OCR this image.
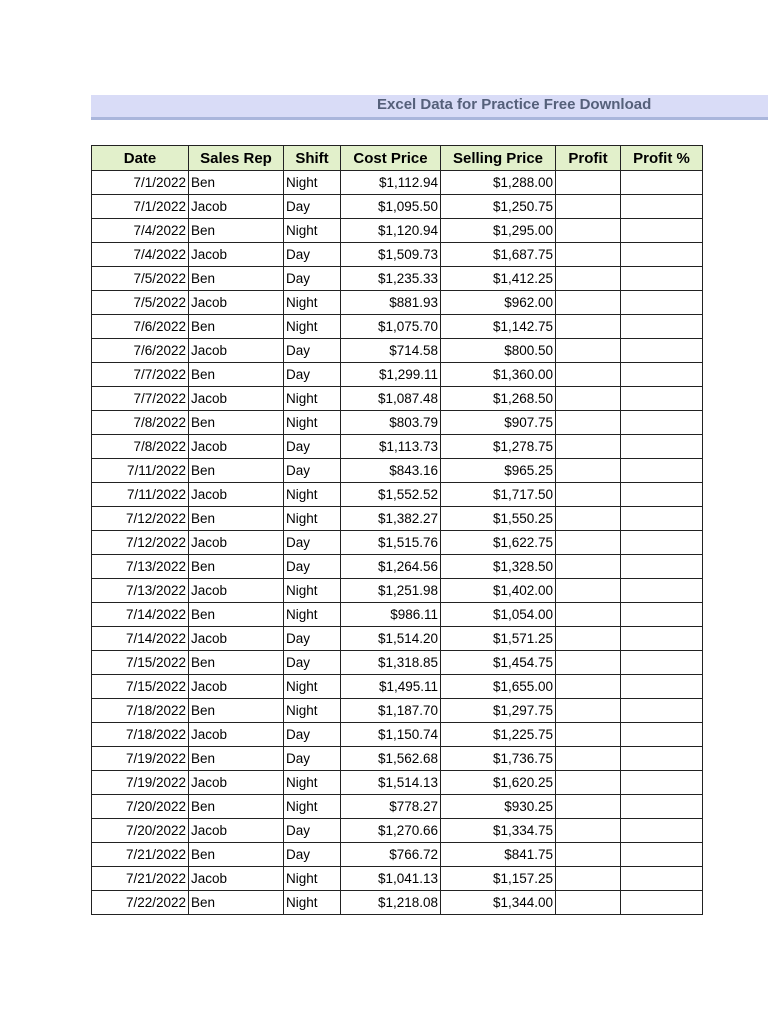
Excel Data for Practice Free Download
Date	Sales Rep	Shift	Cost Price	Selling Price	Profit	Profit %
7/1/2022	Ben	Night	$1,112.94	$1,288.00		
7/1/2022	Jacob	Day	$1,095.50	$1,250.75		
7/4/2022	Ben	Night	$1,120.94	$1,295.00		
7/4/2022	Jacob	Day	$1,509.73	$1,687.75		
7/5/2022	Ben	Day	$1,235.33	$1,412.25		
7/5/2022	Jacob	Night	$881.93	$962.00		
7/6/2022	Ben	Night	$1,075.70	$1,142.75		
7/6/2022	Jacob	Day	$714.58	$800.50		
7/7/2022	Ben	Day	$1,299.11	$1,360.00		
7/7/2022	Jacob	Night	$1,087.48	$1,268.50		
7/8/2022	Ben	Night	$803.79	$907.75		
7/8/2022	Jacob	Day	$1,113.73	$1,278.75		
7/11/2022	Ben	Day	$843.16	$965.25		
7/11/2022	Jacob	Night	$1,552.52	$1,717.50		
7/12/2022	Ben	Night	$1,382.27	$1,550.25		
7/12/2022	Jacob	Day	$1,515.76	$1,622.75		
7/13/2022	Ben	Day	$1,264.56	$1,328.50		
7/13/2022	Jacob	Night	$1,251.98	$1,402.00		
7/14/2022	Ben	Night	$986.11	$1,054.00		
7/14/2022	Jacob	Day	$1,514.20	$1,571.25		
7/15/2022	Ben	Day	$1,318.85	$1,454.75		
7/15/2022	Jacob	Night	$1,495.11	$1,655.00		
7/18/2022	Ben	Night	$1,187.70	$1,297.75		
7/18/2022	Jacob	Day	$1,150.74	$1,225.75		
7/19/2022	Ben	Day	$1,562.68	$1,736.75		
7/19/2022	Jacob	Night	$1,514.13	$1,620.25		
7/20/2022	Ben	Night	$778.27	$930.25		
7/20/2022	Jacob	Day	$1,270.66	$1,334.75		
7/21/2022	Ben	Day	$766.72	$841.75		
7/21/2022	Jacob	Night	$1,041.13	$1,157.25		
7/22/2022	Ben	Night	$1,218.08	$1,344.00		
